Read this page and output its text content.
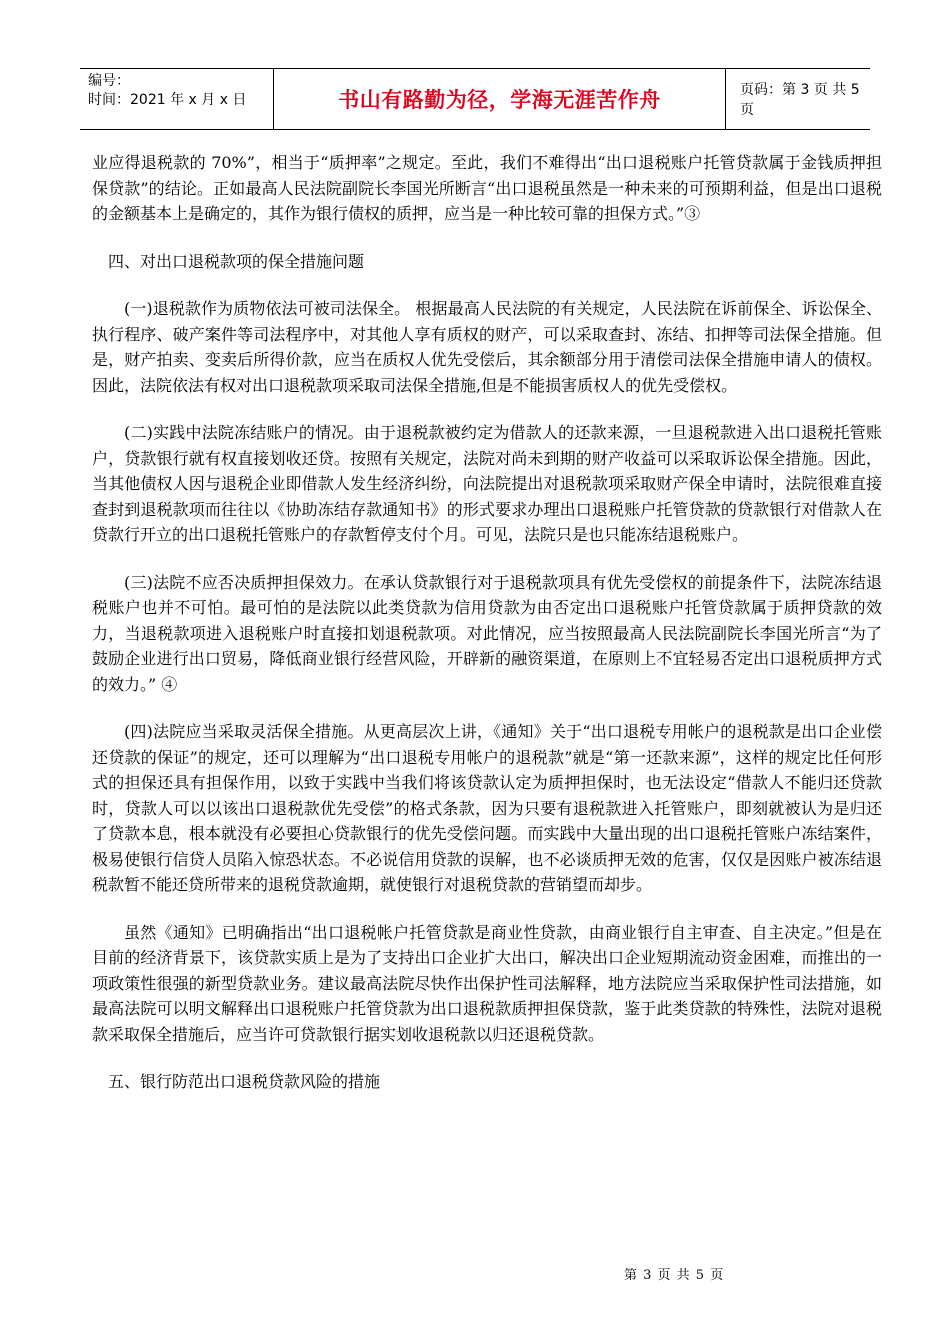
编号：
时间：2021 年 x 月 x 日	书山有路勤为径，学海无涯苦作舟	页码：第 3 页 共 5 页

业应得退税款的 70%”，相当于“质押率”之规定。至此，我们不难得出“出口退税账户托管贷款属于金钱质押担保贷款”的结论。正如最高人民法院副院长李国光所断言“出口退税虽然是一种未来的可预期利益，但是出口退税的金额基本上是确定的，其作为银行债权的质押，应当是一种比较可靠的担保方式。”③

四、对出口退税款项的保全措施问题

(一)退税款作为质物依法可被司法保全。 根据最高人民法院的有关规定，人民法院在诉前保全、诉讼保全、执行程序、破产案件等司法程序中，对其他人享有质权的财产，可以采取查封、冻结、扣押等司法保全措施。但是，财产拍卖、变卖后所得价款，应当在质权人优先受偿后，其余额部分用于清偿司法保全措施申请人的债权。因此，法院依法有权对出口退税款项采取司法保全措施,但是不能损害质权人的优先受偿权。

(二)实践中法院冻结账户的情况。由于退税款被约定为借款人的还款来源，一旦退税款进入出口退税托管账户，贷款银行就有权直接划收还贷。按照有关规定，法院对尚未到期的财产收益可以采取诉讼保全措施。因此，当其他债权人因与退税企业即借款人发生经济纠纷，向法院提出对退税款项采取财产保全申请时，法院很难直接查封到退税款项而往往以《协助冻结存款通知书》的形式要求办理出口退税账户托管贷款的贷款银行对借款人在贷款行开立的出口退税托管账户的存款暂停支付个月。可见，法院只是也只能冻结退税账户。

(三)法院不应否决质押担保效力。在承认贷款银行对于退税款项具有优先受偿权的前提条件下，法院冻结退税账户也并不可怕。最可怕的是法院以此类贷款为信用贷款为由否定出口退税账户托管贷款属于质押贷款的效力，当退税款项进入退税账户时直接扣划退税款项。对此情况，应当按照最高人民法院副院长李国光所言“为了鼓励企业进行出口贸易，降低商业银行经营风险，开辟新的融资渠道，在原则上不宜轻易否定出口退税质押方式的效力。” ④

(四)法院应当采取灵活保全措施。从更高层次上讲，《通知》关于“出口退税专用帐户的退税款是出口企业偿还贷款的保证”的规定，还可以理解为“出口退税专用帐户的退税款”就是“第一还款来源”，这样的规定比任何形式的担保还具有担保作用，以致于实践中当我们将该贷款认定为质押担保时，也无法设定“借款人不能归还贷款时，贷款人可以以该出口退税款优先受偿”的格式条款，因为只要有退税款进入托管账户，即刻就被认为是归还了贷款本息，根本就没有必要担心贷款银行的优先受偿问题。而实践中大量出现的出口退税托管账户冻结案件，极易使银行信贷人员陷入惊恐状态。不必说信用贷款的误解，也不必谈质押无效的危害，仅仅是因账户被冻结退税款暂不能还贷所带来的退税贷款逾期，就使银行对退税贷款的营销望而却步。

虽然《通知》已明确指出“出口退税帐户托管贷款是商业性贷款，由商业银行自主审查、自主决定。”但是在目前的经济背景下，该贷款实质上是为了支持出口企业扩大出口，解决出口企业短期流动资金困难，而推出的一项政策性很强的新型贷款业务。建议最高法院尽快作出保护性司法解释，地方法院应当采取保护性司法措施，如最高法院可以明文解释出口退税账户托管贷款为出口退税款质押担保贷款，鉴于此类贷款的特殊性，法院对退税款采取保全措施后，应当许可贷款银行据实划收退税款以归还退税贷款。

五、银行防范出口退税贷款风险的措施

第 3 页 共 5 页
